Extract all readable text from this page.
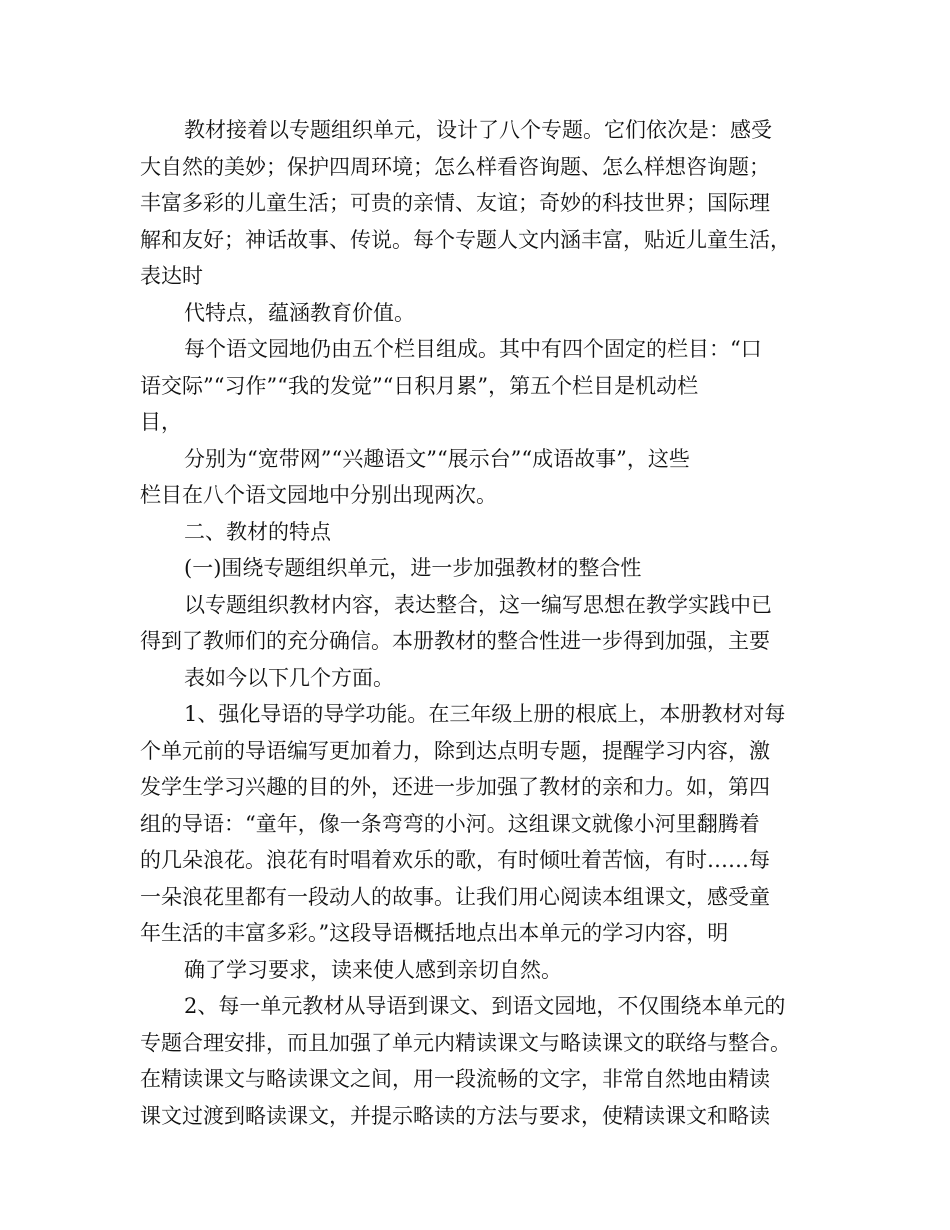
教材接着以专题组织单元，设计了八个专题。它们依次是：感受
大自然的美妙；保护四周环境；怎么样看咨询题、怎么样想咨询题；
丰富多彩的儿童生活；可贵的亲情、友谊；奇妙的科技世界；国际理
解和友好；神话故事、传说。每个专题人文内涵丰富，贴近儿童生活，
表达时
代特点，蕴涵教育价值。
每个语文园地仍由五个栏目组成。其中有四个固定的栏目：“口
语交际”“习作”“我的发觉”“日积月累”，第五个栏目是机动栏
目，
分别为“宽带网”“兴趣语文”“展示台”“成语故事”，这些
栏目在八个语文园地中分别出现两次。
二、教材的特点
(一)围绕专题组织单元，进一步加强教材的整合性
以专题组织教材内容，表达整合，这一编写思想在教学实践中已
得到了教师们的充分确信。本册教材的整合性进一步得到加强，主要
表如今以下几个方面。
1、强化导语的导学功能。在三年级上册的根底上，本册教材对每
个单元前的导语编写更加着力，除到达点明专题，提醒学习内容，激
发学生学习兴趣的目的外，还进一步加强了教材的亲和力。如，第四
组的导语：“童年，像一条弯弯的小河。这组课文就像小河里翻腾着
的几朵浪花。浪花有时唱着欢乐的歌，有时倾吐着苦恼，有时……每
一朵浪花里都有一段动人的故事。让我们用心阅读本组课文，感受童
年生活的丰富多彩。”这段导语概括地点出本单元的学习内容，明
确了学习要求，读来使人感到亲切自然。
2、每一单元教材从导语到课文、到语文园地，不仅围绕本单元的
专题合理安排，而且加强了单元内精读课文与略读课文的联络与整合。
在精读课文与略读课文之间，用一段流畅的文字，非常自然地由精读
课文过渡到略读课文，并提示略读的方法与要求，使精读课文和略读
